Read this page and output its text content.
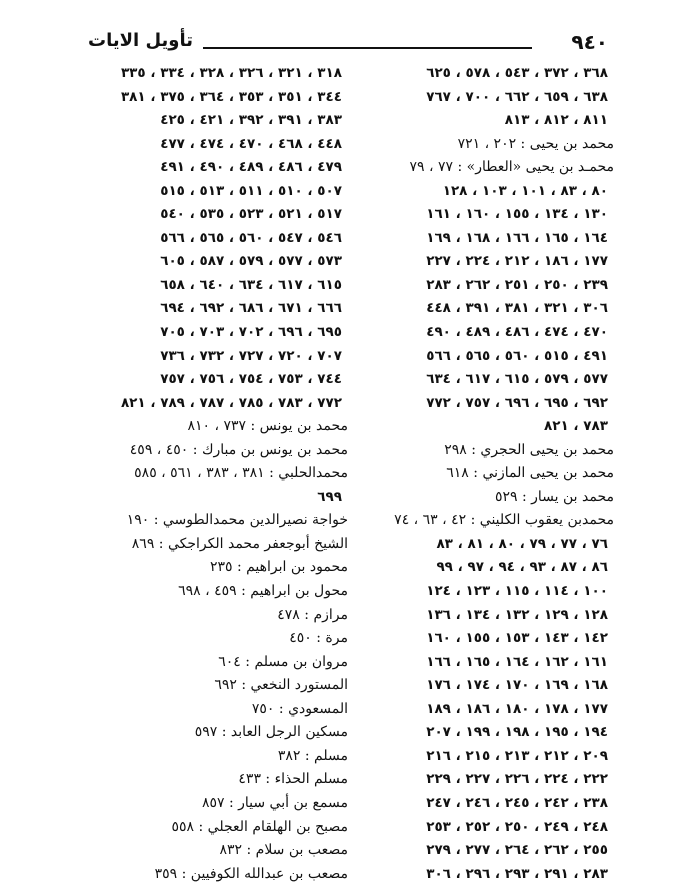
٩٤٠
تأويل الايات
٣٦٨ ، ٣٧٢ ، ٥٤٣ ، ٥٧٨ ، ٦٢٥
٦٣٨ ، ٦٥٩ ، ٦٦٢ ، ٧٠٠ ، ٧٦٧
٨١١ ، ٨١٢ ، ٨١٣
محمد بن يحيى : ٢٠٢ ، ٧٢١
محمـد بن يحيى «العطار» : ٧٧ ، ٧٩
٨٠ ، ٨٣ ، ١٠١ ، ١٠٣ ، ١٢٨
١٣٠ ، ١٣٤ ، ١٥٥ ، ١٦٠ ، ١٦١
١٦٤ ، ١٦٥ ، ١٦٦ ، ١٦٨ ، ١٦٩
١٧٧ ، ١٨٦ ، ٢١٢ ، ٢٢٤ ، ٢٢٧
٢٣٩ ، ٢٥٠ ، ٢٥١ ، ٢٦٢ ، ٢٨٣
٣٠٦ ، ٣٢١ ، ٣٨١ ، ٣٩١ ، ٤٤٨
٤٧٠ ، ٤٧٤ ، ٤٨٦ ، ٤٨٩ ، ٤٩٠
٤٩١ ، ٥١٥ ، ٥٦٠ ، ٥٦٥ ، ٥٦٦
٥٧٧ ، ٥٧٩ ، ٦١٥ ، ٦١٧ ، ٦٣٤
٦٩٢ ، ٦٩٥ ، ٦٩٦ ، ٧٥٧ ، ٧٧٢
٧٨٣ ، ٨٢١
محمد بن يحيى الحجري : ٢٩٨
محمد بن يحيى المازني : ٦١٨
محمد بن يسار : ٥٢٩
محمدبن يعقوب الكليني : ٤٢ ، ٦٣ ، ٧٤
٧٦ ، ٧٧ ، ٧٩ ، ٨٠ ، ٨١ ، ٨٣
٨٦ ، ٨٧ ، ٩٣ ، ٩٤ ، ٩٧ ، ٩٩
١٠٠ ، ١١٤ ، ١١٥ ، ١٢٣ ، ١٢٤
١٢٨ ، ١٢٩ ، ١٣٢ ، ١٣٤ ، ١٣٦
١٤٢ ، ١٤٣ ، ١٥٣ ، ١٥٥ ، ١٦٠
١٦١ ، ١٦٢ ، ١٦٤ ، ١٦٥ ، ١٦٦
١٦٨ ، ١٦٩ ، ١٧٠ ، ١٧٤ ، ١٧٦
١٧٧ ، ١٧٨ ، ١٨٠ ، ١٨٦ ، ١٨٩
١٩٤ ، ١٩٥ ، ١٩٨ ، ١٩٩ ، ٢٠٧
٢٠٩ ، ٢١٢ ، ٢١٣ ، ٢١٥ ، ٢١٦
٢٢٢ ، ٢٢٤ ، ٢٢٦ ، ٢٢٧ ، ٢٢٩
٢٣٨ ، ٢٤٢ ، ٢٤٥ ، ٢٤٦ ، ٢٤٧
٢٤٨ ، ٢٤٩ ، ٢٥٠ ، ٢٥٢ ، ٢٥٣
٢٥٥ ، ٢٦٢ ، ٢٦٤ ، ٢٧٧ ، ٢٧٩
٢٨٣ ، ٢٩١ ، ٢٩٣ ، ٢٩٦ ، ٣٠٦
٣١٨ ، ٣٢١ ، ٣٢٦ ، ٣٢٨ ، ٣٣٤ ، ٣٣٥
٣٤٤ ، ٣٥١ ، ٣٥٣ ، ٣٦٤ ، ٣٧٥ ، ٣٨١
٣٨٣ ، ٣٩١ ، ٣٩٢ ، ٤٢١ ، ٤٢٥
٤٤٨ ، ٤٦٨ ، ٤٧٠ ، ٤٧٤ ، ٤٧٧
٤٧٩ ، ٤٨٦ ، ٤٨٩ ، ٤٩٠ ، ٤٩١
٥٠٧ ، ٥١٠ ، ٥١١ ، ٥١٣ ، ٥١٥
٥١٧ ، ٥٢١ ، ٥٢٣ ، ٥٣٥ ، ٥٤٠
٥٤٦ ، ٥٤٧ ، ٥٦٠ ، ٥٦٥ ، ٥٦٦
٥٧٣ ، ٥٧٧ ، ٥٧٩ ، ٥٨٧ ، ٦٠٥
٦١٥ ، ٦١٧ ، ٦٣٤ ، ٦٤٠ ، ٦٥٨
٦٦٦ ، ٦٧١ ، ٦٨٦ ، ٦٩٢ ، ٦٩٤
٦٩٥ ، ٦٩٦ ، ٧٠٢ ، ٧٠٣ ، ٧٠٥
٧٠٧ ، ٧٢٠ ، ٧٢٧ ، ٧٣٢ ، ٧٣٦
٧٤٤ ، ٧٥٣ ، ٧٥٤ ، ٧٥٦ ، ٧٥٧
٧٧٢ ، ٧٨٣ ، ٧٨٥ ، ٧٨٧ ، ٧٨٩ ، ٨٢١
محمد بن يونس : ٧٣٧ ، ٨١٠
محمد بن يونس بن مبارك : ٤٥٠ ، ٤٥٩
محمدالحلبي : ٣٨١ ، ٣٨٣ ، ٥٦١ ، ٥٨٥
٦٩٩
خواجة نصيرالدين محمدالطوسي : ١٩٠
الشيخ أبوجعفر محمد الكراجكي : ٨٦٩
محمود بن ابراهيم : ٢٣٥
محول بن ابراهيم : ٤٥٩ ، ٦٩٨
مرازم : ٤٧٨
مرة : ٤٥٠
مروان بن مسلم : ٦٠٤
المستورد النخعي : ٦٩٢
المسعودي : ٧٥٠
مسكين الرجل العابد : ٥٩٧
مسلم : ٣٨٢
مسلم الحذاء : ٤٣٣
مسمع بن أبي سيار : ٨٥٧
مصبح بن الهلقام العجلي : ٥٥٨
مصعب بن سلام : ٨٣٢
مصعب بن عبدالله الكوفيين : ٣٥٩
